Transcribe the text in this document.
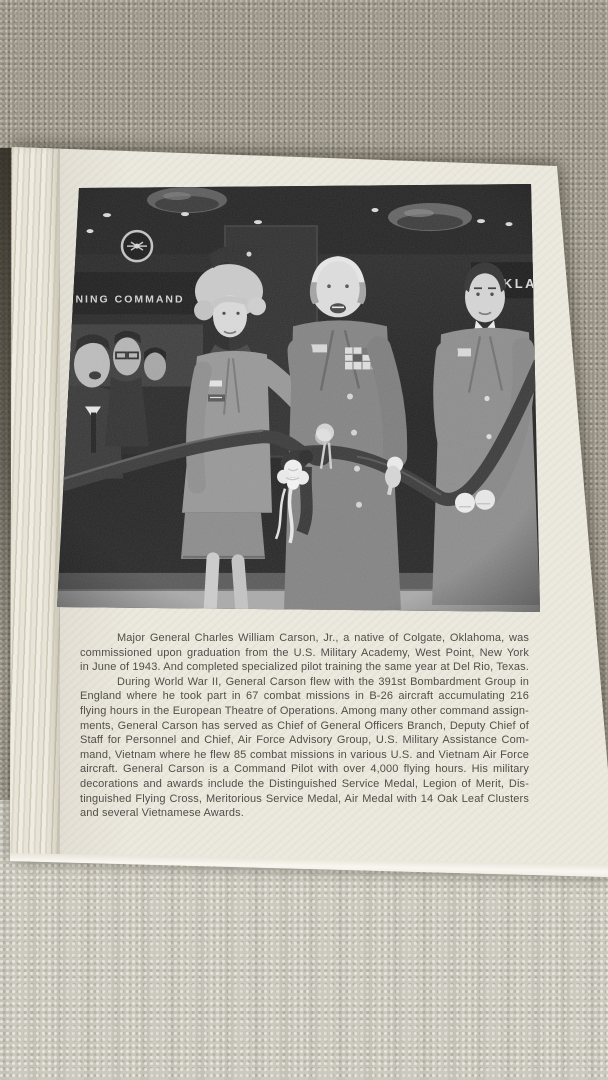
Major General Charles William Carson, Jr., a native of Colgate, Oklahoma, was
commissioned upon graduation from the U.S. Military Academy, West Point, New York
in June of 1943. And completed specialized pilot training the same year at Del Rio, Texas.
During World War II, General Carson flew with the 391st Bombardment Group in
England where he took part in 67 combat missions in B-26 aircraft accumulating 216
flying hours in the European Theatre of Operations. Among many other command assign-
ments, General Carson has served as Chief of General Officers Branch, Deputy Chief of
Staff for Personnel and Chief, Air Force Advisory Group, U.S. Military Assistance Com-
mand, Vietnam where he flew 85 combat missions in various U.S. and Vietnam Air Force
aircraft. General Carson is a Command Pilot with over 4,000 flying hours. His military
decorations and awards include the Distinguished Service Medal, Legion of Merit, Dis-
tinguished Flying Cross, Meritorious Service Medal, Air Medal with 14 Oak Leaf Clusters
and several Vietnamese Awards.
